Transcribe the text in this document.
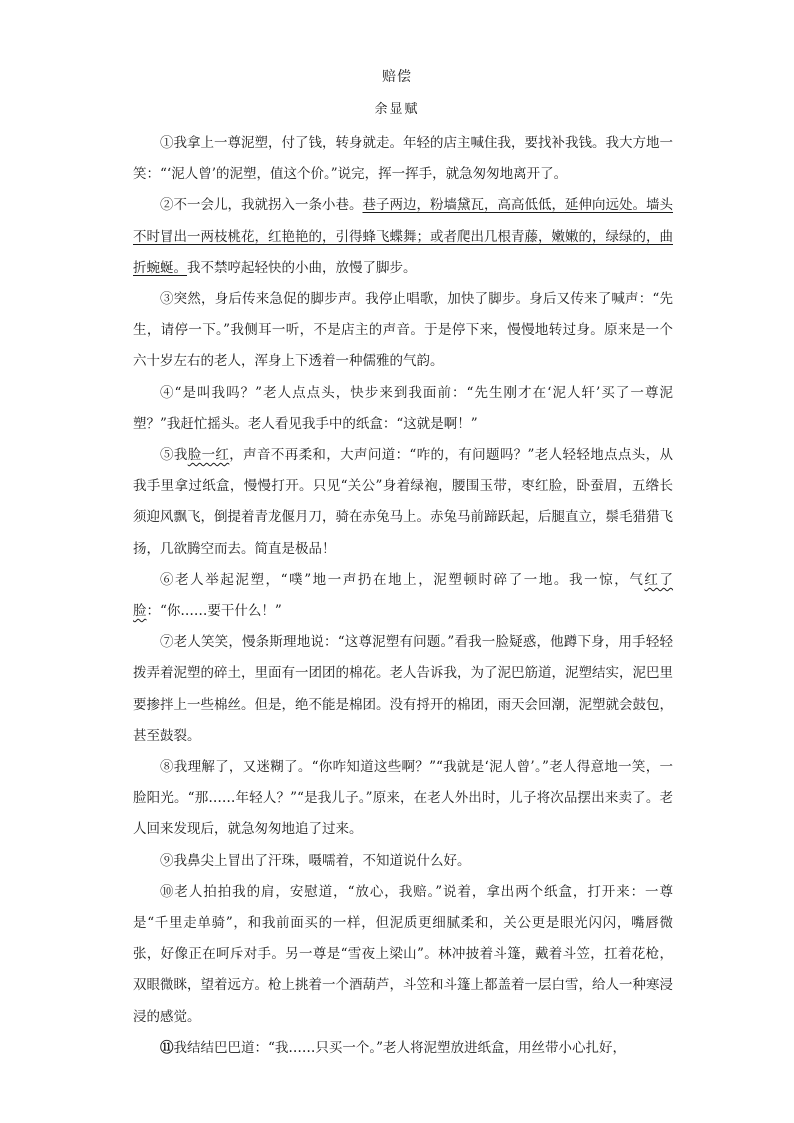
赔偿
余显赋

①我拿上一尊泥塑，付了钱，转身就走。年轻的店主喊住我，要找补我钱。我大方地一笑：“‘泥人曾’的泥塑，值这个价。”说完，挥一挥手，就急匆匆地离开了。

②不一会儿，我就拐入一条小巷。巷子两边，粉墙黛瓦，高高低低，延伸向远处。墙头不时冒出一两枝桃花，红艳艳的，引得蜂飞蝶舞；或者爬出几根青藤，嫩嫩的，绿绿的，曲折蜿蜒。我不禁哼起轻快的小曲，放慢了脚步。

③突然，身后传来急促的脚步声。我停止唱歌，加快了脚步。身后又传来了喊声：“先生，请停一下。”我侧耳一听，不是店主的声音。于是停下来，慢慢地转过身。原来是一个六十岁左右的老人，浑身上下透着一种儒雅的气韵。

④“是叫我吗？”老人点点头，快步来到我面前：“先生刚才在‘泥人轩’买了一尊泥塑？”我赶忙摇头。老人看见我手中的纸盒：“这就是啊！”

⑤我脸一红，声音不再柔和，大声问道：“咋的，有问题吗？”老人轻轻地点点头，从我手里拿过纸盒，慢慢打开。只见“关公”身着绿袍，腰围玉带，枣红脸，卧蚕眉，五绺长须迎风飘飞，倒提着青龙偃月刀，骑在赤兔马上。赤兔马前蹄跃起，后腿直立，鬃毛猎猎飞扬，几欲腾空而去。简直是极品！

⑥老人举起泥塑，“噗”地一声扔在地上，泥塑顿时碎了一地。我一惊，气红了脸：“你……要干什么！”

⑦老人笑笑，慢条斯理地说：“这尊泥塑有问题。”看我一脸疑惑，他蹲下身，用手轻轻拨弄着泥塑的碎土，里面有一团团的棉花。老人告诉我，为了泥巴筋道，泥塑结实，泥巴里要掺拌上一些棉丝。但是，绝不能是棉团。没有捋开的棉团，雨天会回潮，泥塑就会鼓包，甚至鼓裂。

⑧我理解了，又迷糊了。“你咋知道这些啊？”“我就是‘泥人曾’。”老人得意地一笑，一脸阳光。“那……年轻人？”“是我儿子。”原来，在老人外出时，儿子将次品摆出来卖了。老人回来发现后，就急匆匆地追了过来。

⑨我鼻尖上冒出了汗珠，嗫嚅着，不知道说什么好。

⑩老人拍拍我的肩，安慰道，“放心，我赔。”说着，拿出两个纸盒，打开来：一尊是“千里走单骑”，和我前面买的一样，但泥质更细腻柔和，关公更是眼光闪闪，嘴唇微张，好像正在呵斥对手。另一尊是“雪夜上梁山”。林冲披着斗篷，戴着斗笠，扛着花枪，双眼微眯，望着远方。枪上挑着一个酒葫芦，斗笠和斗篷上都盖着一层白雪，给人一种寒浸浸的感觉。

⑪我结结巴巴道：“我……只买一个。”老人将泥塑放进纸盒，用丝带小心扎好，
